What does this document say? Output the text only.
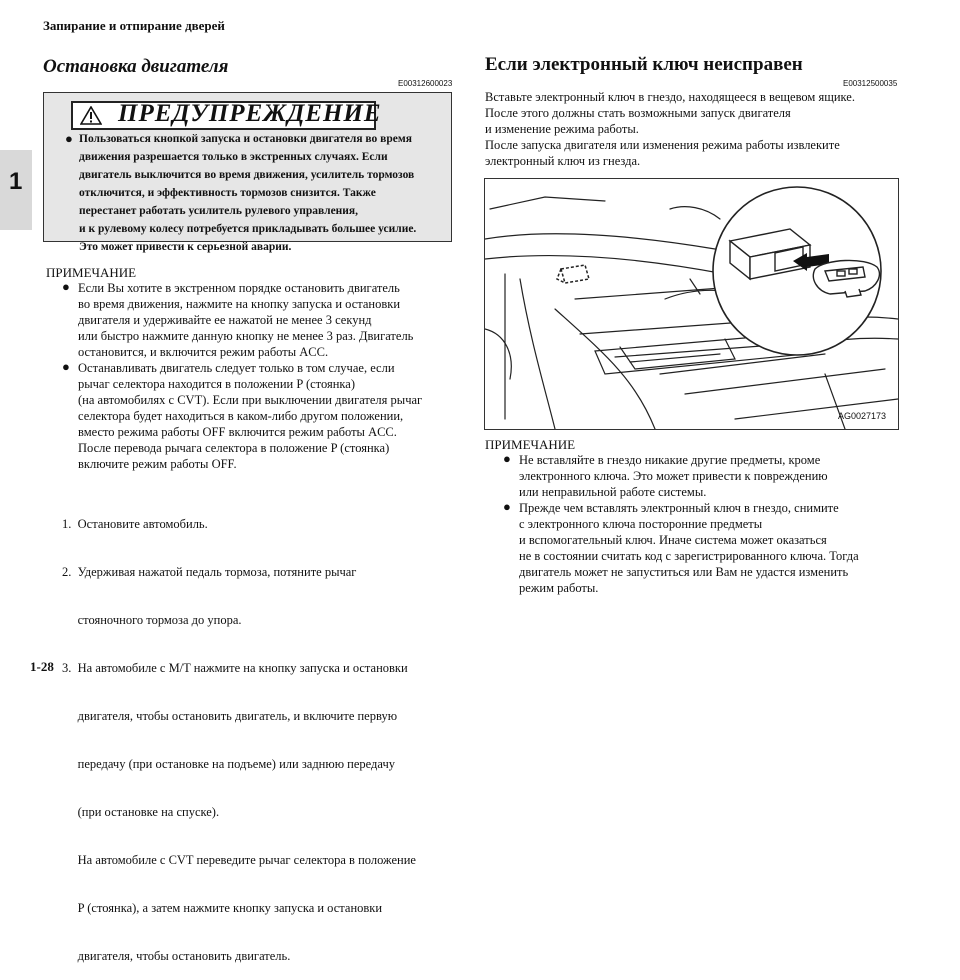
Запирание и отпирание дверей
1
Остановка двигателя
E00312600023
ПРЕДУПРЕЖДЕНИЕ
● Пользоваться кнопкой запуска и остановки двигателя во время
движения разрешается только в экстренных случаях. Если
двигатель выключится во время движения, усилитель тормозов
отключится, и эффективность тормозов снизится. Также
перестанет работать усилитель рулевого управления,
и к рулевому колесу потребуется прикладывать большее усилие.
Это может привести к серьезной аварии.
ПРИМЕЧАНИЕ
● Если Вы хотите в экстренном порядке остановить двигатель
во время движения, нажмите на кнопку запуска и остановки
двигателя и удерживайте ее нажатой не менее 3 секунд
или быстро нажмите данную кнопку не менее 3 раз. Двигатель
остановится, и включится режим работы ACC.
● Останавливать двигатель следует только в том случае, если
рычаг селектора находится в положении P (стоянка)
(на автомобилях с CVT). Если при выключении двигателя рычаг
селектора будет находиться в каком-либо другом положении,
вместо режима работы OFF включится режим работы ACC.
После перевода рычага селектора в положение P (стоянка)
включите режим работы OFF.

1.  Остановите автомобиль.

2.  Удерживая нажатой педаль тормоза, потяните рычаг

стояночного тормоза до упора.

3.  На автомобиле с M/T нажмите на кнопку запуска и остановки

двигателя, чтобы остановить двигатель, и включите первую

передачу (при остановке на подъеме) или заднюю передачу

(при остановке на спуске).

На автомобиле с CVT переведите рычаг селектора в положение

P (стоянка), а затем нажмите кнопку запуска и остановки

двигателя, чтобы остановить двигатель.

1-28
Если электронный ключ неисправен
E00312500035
Вставьте электронный ключ в гнездо, находящееся в вещевом ящике.
После этого должны стать возможными запуск двигателя
и изменение режима работы.
После запуска двигателя или изменения режима работы извлеките
электронный ключ из гнезда.
AG0027173
ПРИМЕЧАНИЕ
● Не вставляйте в гнездо никакие другие предметы, кроме
электронного ключа. Это может привести к повреждению
или неправильной работе системы.
● Прежде чем вставлять электронный ключ в гнездо, снимите
с электронного ключа посторонние предметы
и вспомогательный ключ. Иначе система может оказаться
не в состоянии считать код с зарегистрированного ключа. Тогда
двигатель может не запуститься или Вам не удастся изменить
режим работы.
